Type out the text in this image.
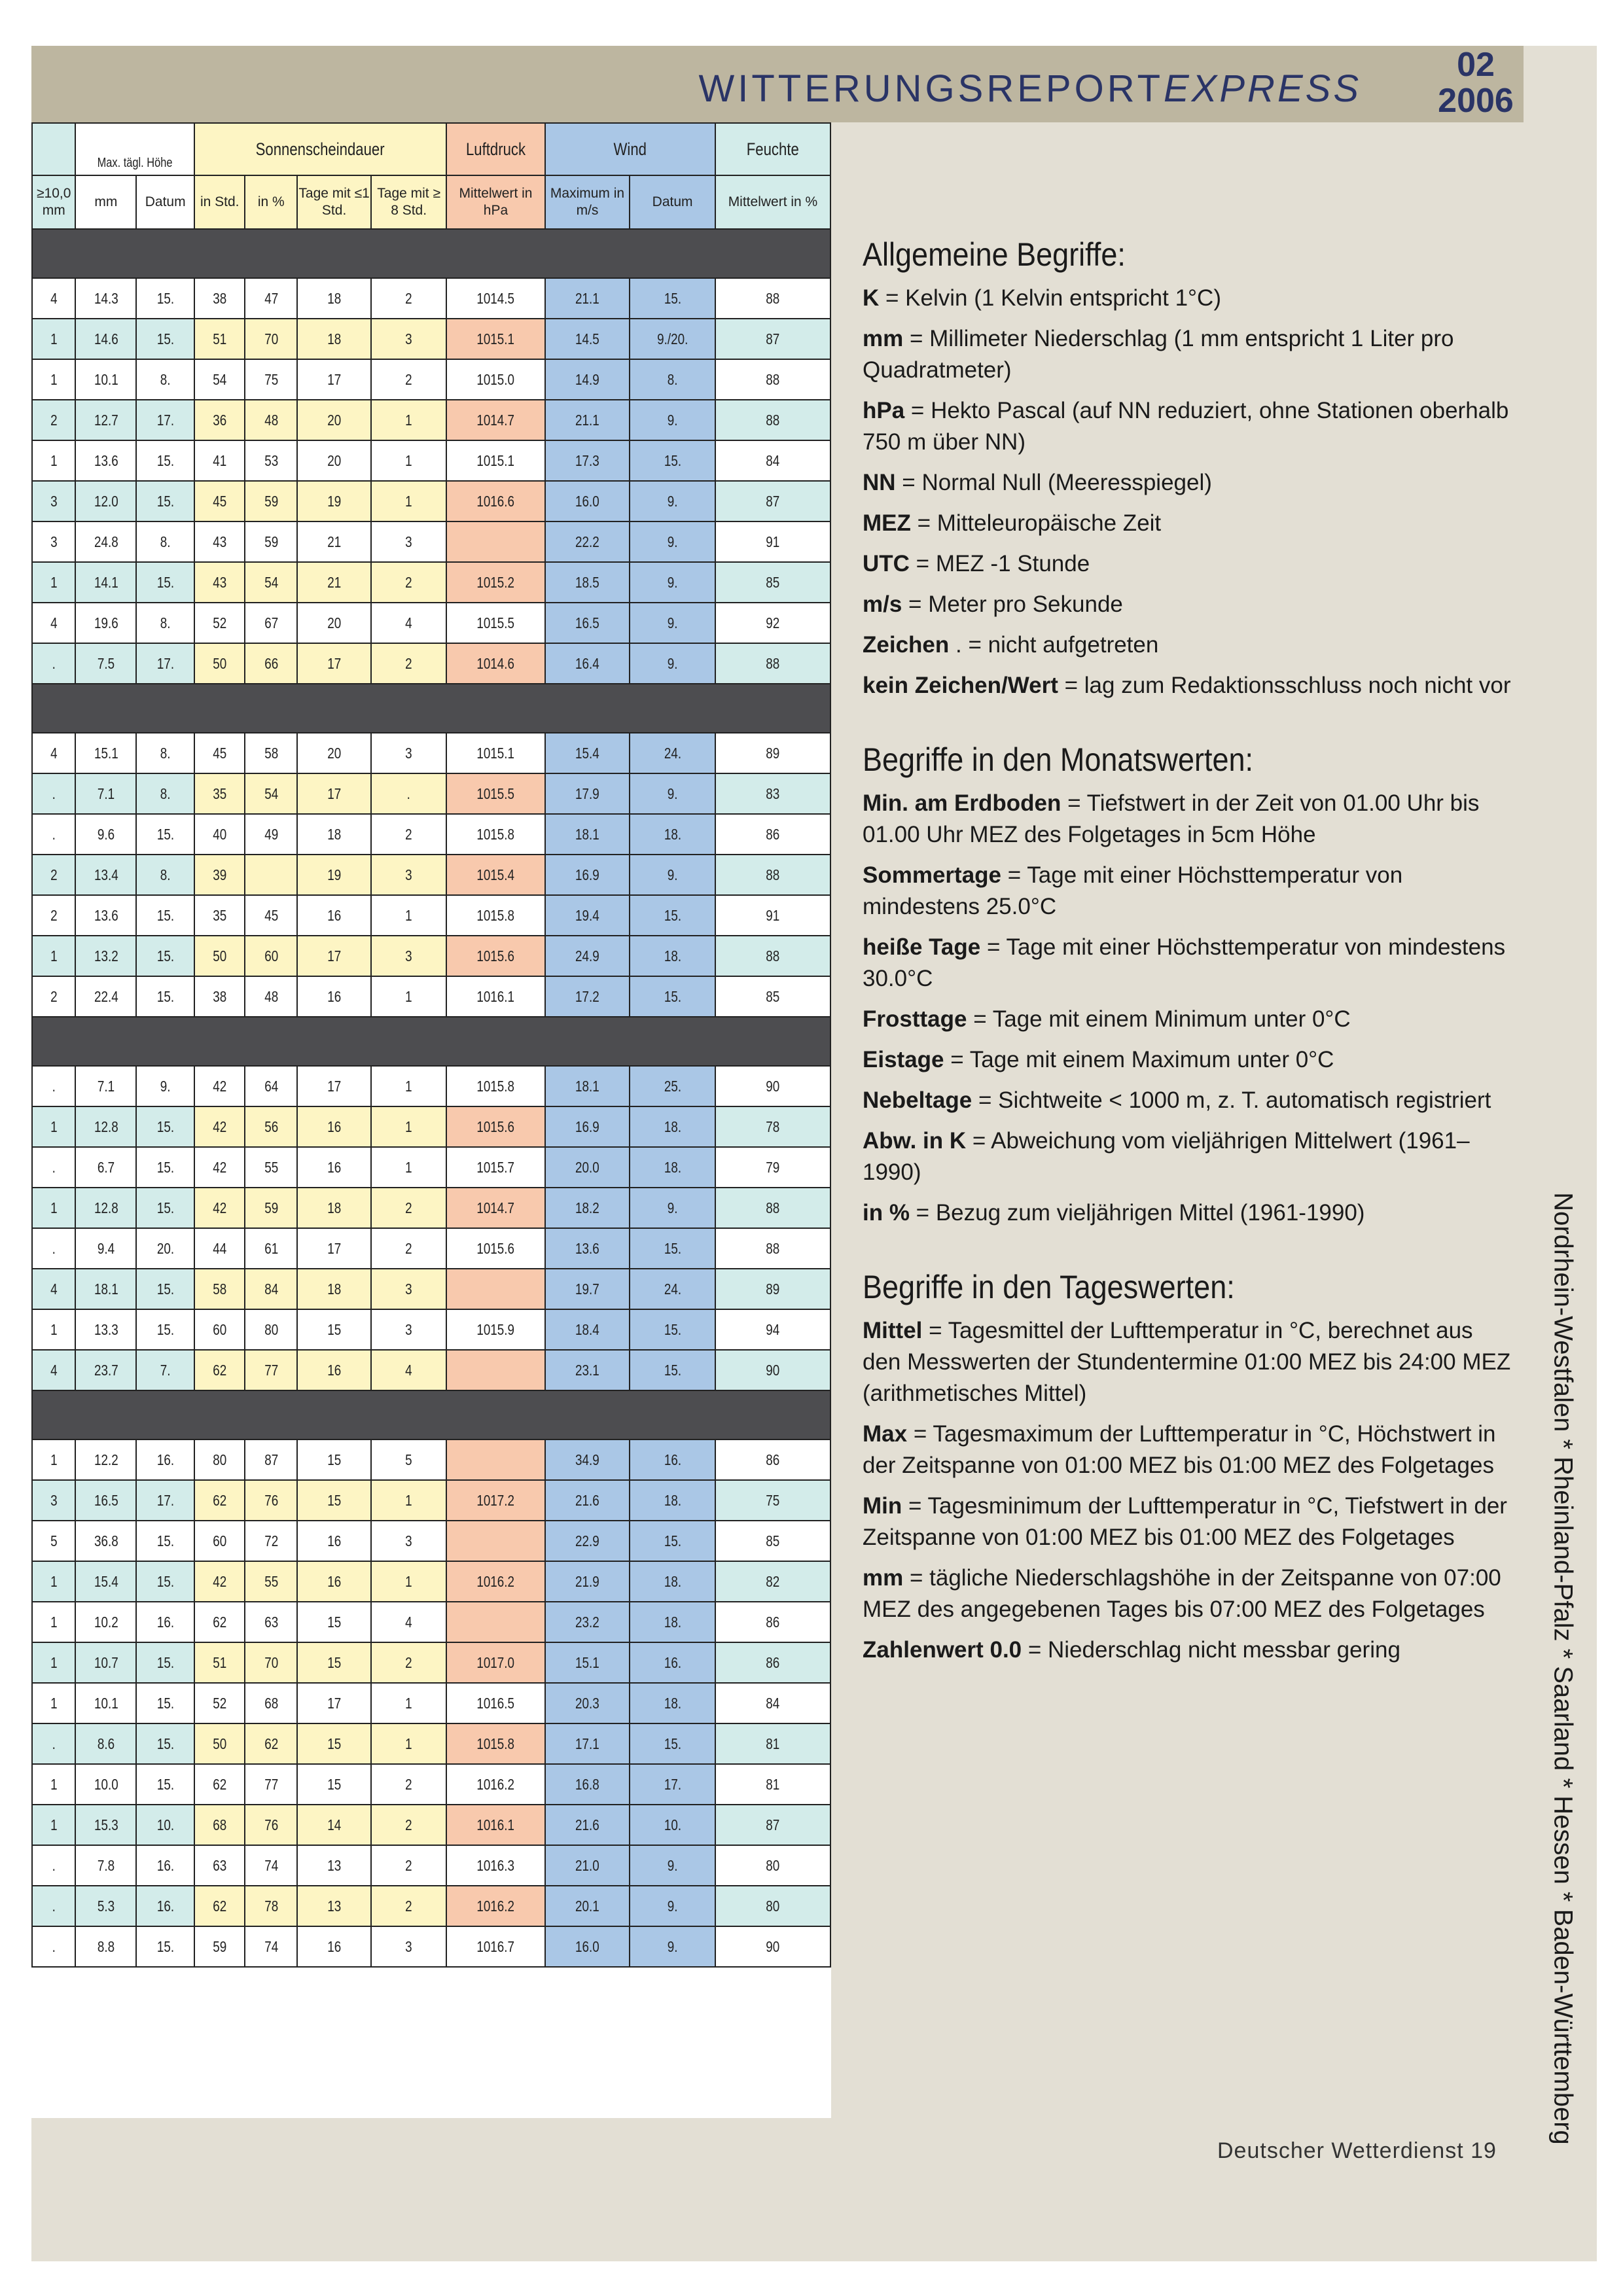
WITTERUNGSREPORTEXPRESS
02
2006
	Max. tägl. Höhe		Sonnenscheindauer				Luftdruck	Wind		Feuchte
≥10,0 mm	mm	Datum	in Std.	in %	Tage mit ≤1 Std.	Tage mit ≥ 8 Std.	Mittelwert in hPa	Maximum in m/s	Datum	Mittelwert in %

4	14.3	15.	38	47	18	2	1014.5	21.1	15.	88
1	14.6	15.	51	70	18	3	1015.1	14.5	9./20.	87
1	10.1	8.	54	75	17	2	1015.0	14.9	8.	88
2	12.7	17.	36	48	20	1	1014.7	21.1	9.	88
1	13.6	15.	41	53	20	1	1015.1	17.3	15.	84
3	12.0	15.	45	59	19	1	1016.6	16.0	9.	87
3	24.8	8.	43	59	21	3		22.2	9.	91
1	14.1	15.	43	54	21	2	1015.2	18.5	9.	85
4	19.6	8.	52	67	20	4	1015.5	16.5	9.	92
.	7.5	17.	50	66	17	2	1014.6	16.4	9.	88

4	15.1	8.	45	58	20	3	1015.1	15.4	24.	89
.	7.1	8.	35	54	17	.	1015.5	17.9	9.	83
.	9.6	15.	40	49	18	2	1015.8	18.1	18.	86
2	13.4	8.	39		19	3	1015.4	16.9	9.	88
2	13.6	15.	35	45	16	1	1015.8	19.4	15.	91
1	13.2	15.	50	60	17	3	1015.6	24.9	18.	88
2	22.4	15.	38	48	16	1	1016.1	17.2	15.	85

.	7.1	9.	42	64	17	1	1015.8	18.1	25.	90
1	12.8	15.	42	56	16	1	1015.6	16.9	18.	78
.	6.7	15.	42	55	16	1	1015.7	20.0	18.	79
1	12.8	15.	42	59	18	2	1014.7	18.2	9.	88
.	9.4	20.	44	61	17	2	1015.6	13.6	15.	88
4	18.1	15.	58	84	18	3		19.7	24.	89
1	13.3	15.	60	80	15	3	1015.9	18.4	15.	94
4	23.7	7.	62	77	16	4		23.1	15.	90

1	12.2	16.	80	87	15	5		34.9	16.	86
3	16.5	17.	62	76	15	1	1017.2	21.6	18.	75
5	36.8	15.	60	72	16	3		22.9	15.	85
1	15.4	15.	42	55	16	1	1016.2	21.9	18.	82
1	10.2	16.	62	63	15	4		23.2	18.	86
1	10.7	15.	51	70	15	2	1017.0	15.1	16.	86
1	10.1	15.	52	68	17	1	1016.5	20.3	18.	84
.	8.6	15.	50	62	15	1	1015.8	17.1	15.	81
1	10.0	15.	62	77	15	2	1016.2	16.8	17.	81
1	15.3	10.	68	76	14	2	1016.1	21.6	10.	87
.	7.8	16.	63	74	13	2	1016.3	21.0	9.	80
.	5.3	16.	62	78	13	2	1016.2	20.1	9.	80
.	8.8	15.	59	74	16	3	1016.7	16.0	9.	90
Allgemeine Begriffe:

K = Kelvin (1 Kelvin entspricht 1°C)

mm = Millimeter Niederschlag (1 mm entspricht 1 Liter pro Quadratmeter)

hPa = Hekto Pascal (auf NN reduziert, ohne Stationen oberhalb 750 m über NN)

NN = Normal Null (Meeresspiegel)

MEZ = Mitteleuropäische Zeit

UTC = MEZ -1 Stunde

m/s = Meter pro Sekunde

Zeichen . = nicht aufgetreten

kein Zeichen/Wert = lag zum Redaktionsschluss noch nicht vor

Begriffe in den Monatswerten:

Min. am Erdboden = Tiefstwert in der Zeit von 01.00 Uhr bis 01.00 Uhr MEZ des Folgetages in 5cm Höhe

Sommertage = Tage mit einer Höchsttemperatur von mindestens 25.0°C

heiße Tage = Tage mit einer Höchsttemperatur von mindestens 30.0°C

Frosttage = Tage mit einem Minimum unter 0°C

Eistage = Tage mit einem Maximum unter 0°C

Nebeltage = Sichtweite < 1000 m, z. T. automatisch registriert

Abw. in K = Abweichung vom vieljährigen Mittelwert (1961–1990)

in % = Bezug zum vieljährigen Mittel (1961-1990)

Begriffe in den Tageswerten:

Mittel = Tagesmittel der Lufttemperatur in °C, berechnet aus den Messwerten der Stundentermine 01:00 MEZ bis 24:00 MEZ (arithmetisches Mittel)

Max = Tagesmaximum der Lufttemperatur in °C, Höchstwert in der Zeitspanne von 01:00 MEZ bis 01:00 MEZ des Folgetages

Min = Tagesminimum der Lufttemperatur in °C, Tiefstwert in der Zeitspanne von 01:00 MEZ bis 01:00 MEZ des Folgetages

mm = tägliche Niederschlagshöhe in der Zeitspanne von 07:00 MEZ des angegebenen Tages bis 07:00 MEZ des Folgetages

Zahlenwert 0.0 = Niederschlag nicht messbar gering	Nordrhein-Westfalen * Rheinland-Pfalz * Saarland * Hessen * Baden-Württemberg
Deutscher Wetterdienst 19
